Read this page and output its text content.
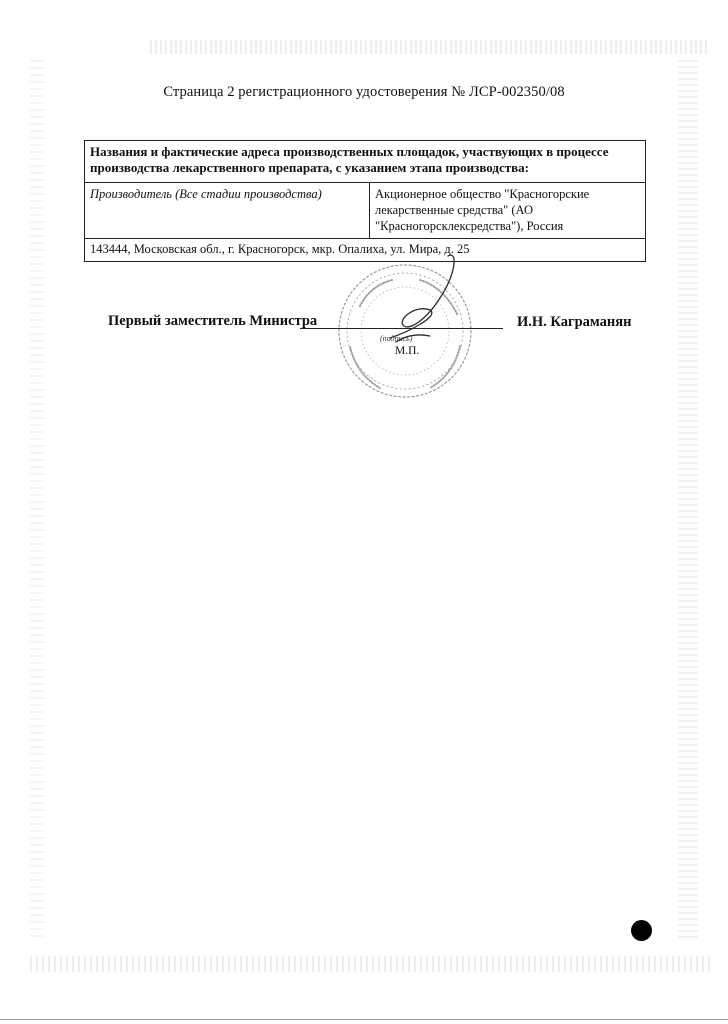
Страница 2 регистрационного удостоверения № ЛСР-002350/08
Названия и фактические адреса производственных площадок, участвующих в процессе производства лекарственного препарата, с указанием этапа производства:
Производитель (Все стадии производства)	Акционерное общество "Красногорские
лекарственные средства" (АО
"Красногорсклексредства"), Россия

143444, Московская обл., г. Красногорск, мкр. Опалиха, ул. Мира, д. 25
Первый заместитель Министра
(подпись)
М.П.
И.Н. Каграманян
